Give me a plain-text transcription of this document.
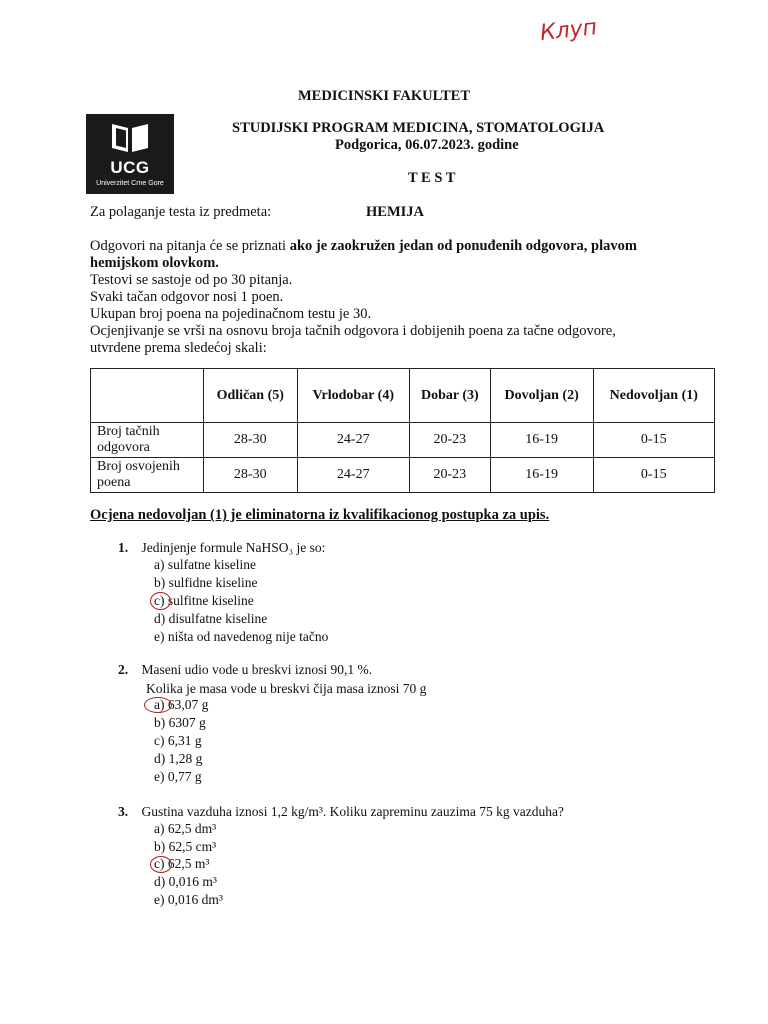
Клуп
MEDICINSKI FAKULTET
UCG
Univerzitet Crne Gore
STUDIJSKI PROGRAM MEDICINA, STOMATOLOGIJA
Podgorica, 06.07.2023. godine
T E S T
Za polaganje testa iz predmeta:	HEMIJA
Odgovori na pitanja će se priznati ako je zaokružen jedan od ponuđenih odgovora, plavom
hemijskom olovkom.
Testovi se sastoje od po 30 pitanja.
Svaki tačan odgovor nosi 1 poen.
Ukupan broj poena na pojedinačnom testu je 30.
Ocjenjivanje se vrši na osnovu broja tačnih odgovora i dobijenih poena za tačne odgovore,
utvrdene prema sledećoj skali:
	Odličan (5)	Vrlodobar (4)	Dobar (3)	Dovoljan (2)	Nedovoljan (1)
Broj tačnih odgovora	28-30	24-27	20-23	16-19	0-15
Broj osvojenih poena	28-30	24-27	20-23	16-19	0-15
Ocjena nedovoljan (1) je eliminatorna iz kvalifikacionog postupka za upis.
1. Jedinjenje formule NaHSO₃ je so:
a) sulfatne kiseline
b) sulfidne kiseline
c) sulfitne kiseline
d) disulfatne kiseline
e) ništa od navedenog nije tačno
2. Maseni udio vode u breskvi iznosi 90,1 %.
Kolika je masa vode u breskvi čija masa iznosi 70 g
a) 63,07 g
b) 6307 g
c) 6,31 g
d) 1,28 g
e) 0,77 g
3. Gustina vazduha iznosi 1,2 kg/m³. Koliku zapreminu zauzima 75 kg vazduha?
a) 62,5 dm³
b) 62,5 cm³
c) 62,5 m³
d) 0,016 m³
e) 0,016 dm³
